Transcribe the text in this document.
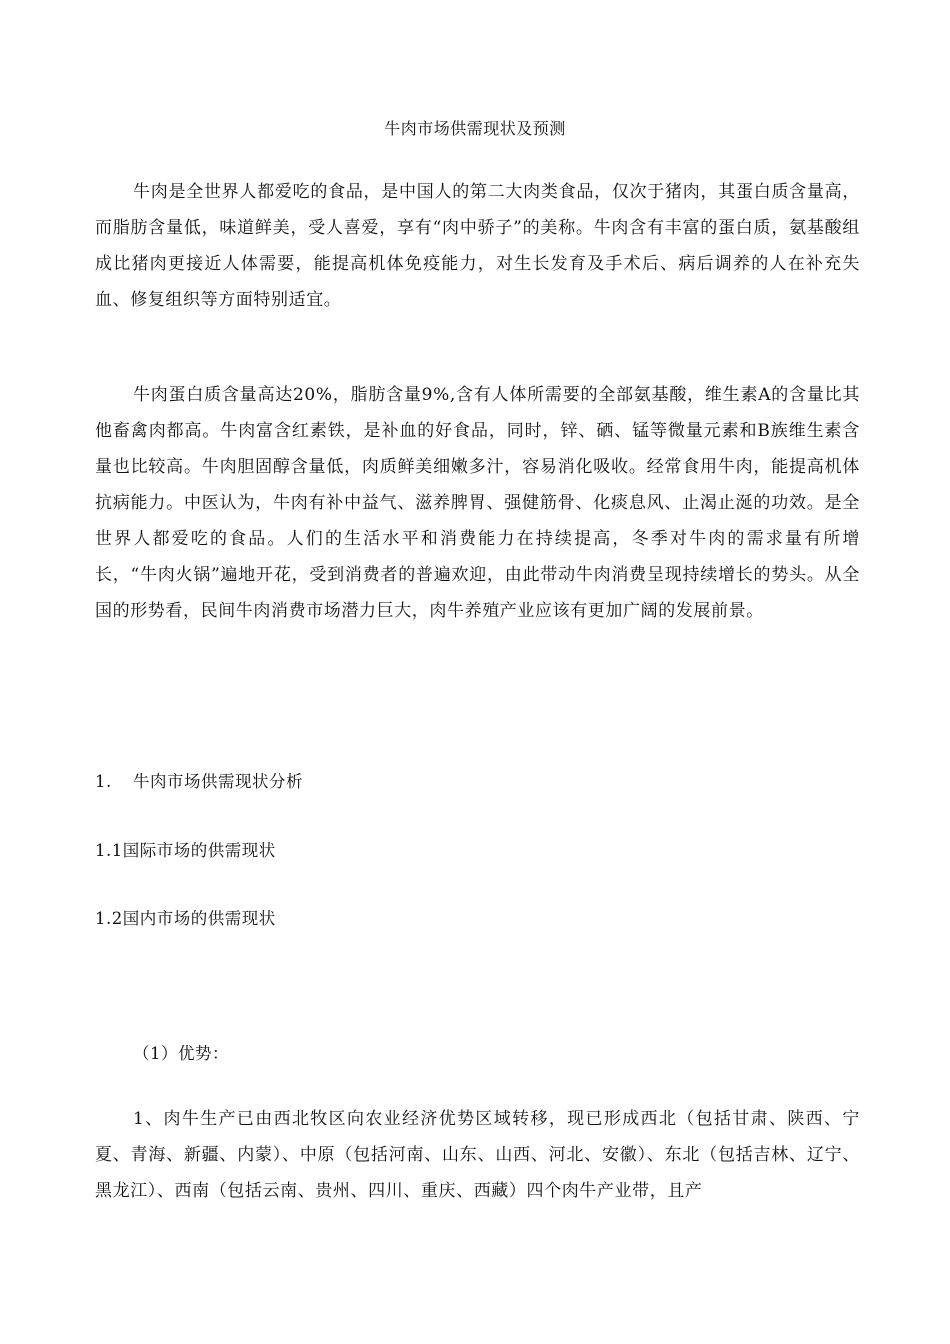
牛肉市场供需现状及预测

牛肉是全世界人都爱吃的食品，是中国人的第二大肉类食品，仅次于猪肉，其蛋白质含量高，而脂肪含量低，味道鲜美，受人喜爱，享有“肉中骄子”的美称。牛肉含有丰富的蛋白质，氨基酸组成比猪肉更接近人体需要，能提高机体免疫能力，对生长发育及手术后、病后调养的人在补充失血、修复组织等方面特别适宜。

牛肉蛋白质含量高达20%，脂肪含量9%,含有人体所需要的全部氨基酸，维生素A的含量比其他畜禽肉都高。牛肉富含红素铁，是补血的好食品，同时，锌、硒、锰等微量元素和B族维生素含量也比较高。牛肉胆固醇含量低，肉质鲜美细嫩多汁，容易消化吸收。经常食用牛肉，能提高机体抗病能力。中医认为，牛肉有补中益气、滋养脾胃、强健筋骨、化痰息风、止渴止涎的功效。是全世界人都爱吃的食品。人们的生活水平和消费能力在持续提高，冬季对牛肉的需求量有所增长，“牛肉火锅”遍地开花，受到消费者的普遍欢迎，由此带动牛肉消费呈现持续增长的势头。从全国的形势看，民间牛肉消费市场潜力巨大，肉牛养殖产业应该有更加广阔的发展前景。

1. 牛肉市场供需现状分析
1.1国际市场的供需现状
1.2国内市场的供需现状
（1）优势：

1、肉牛生产已由西北牧区向农业经济优势区域转移，现已形成西北（包括甘肃、陕西、宁夏、青海、新疆、内蒙）、中原（包括河南、山东、山西、河北、安徽）、东北（包括吉林、辽宁、黑龙江）、西南（包括云南、贵州、四川、重庆、西藏）四个肉牛产业带，且产
